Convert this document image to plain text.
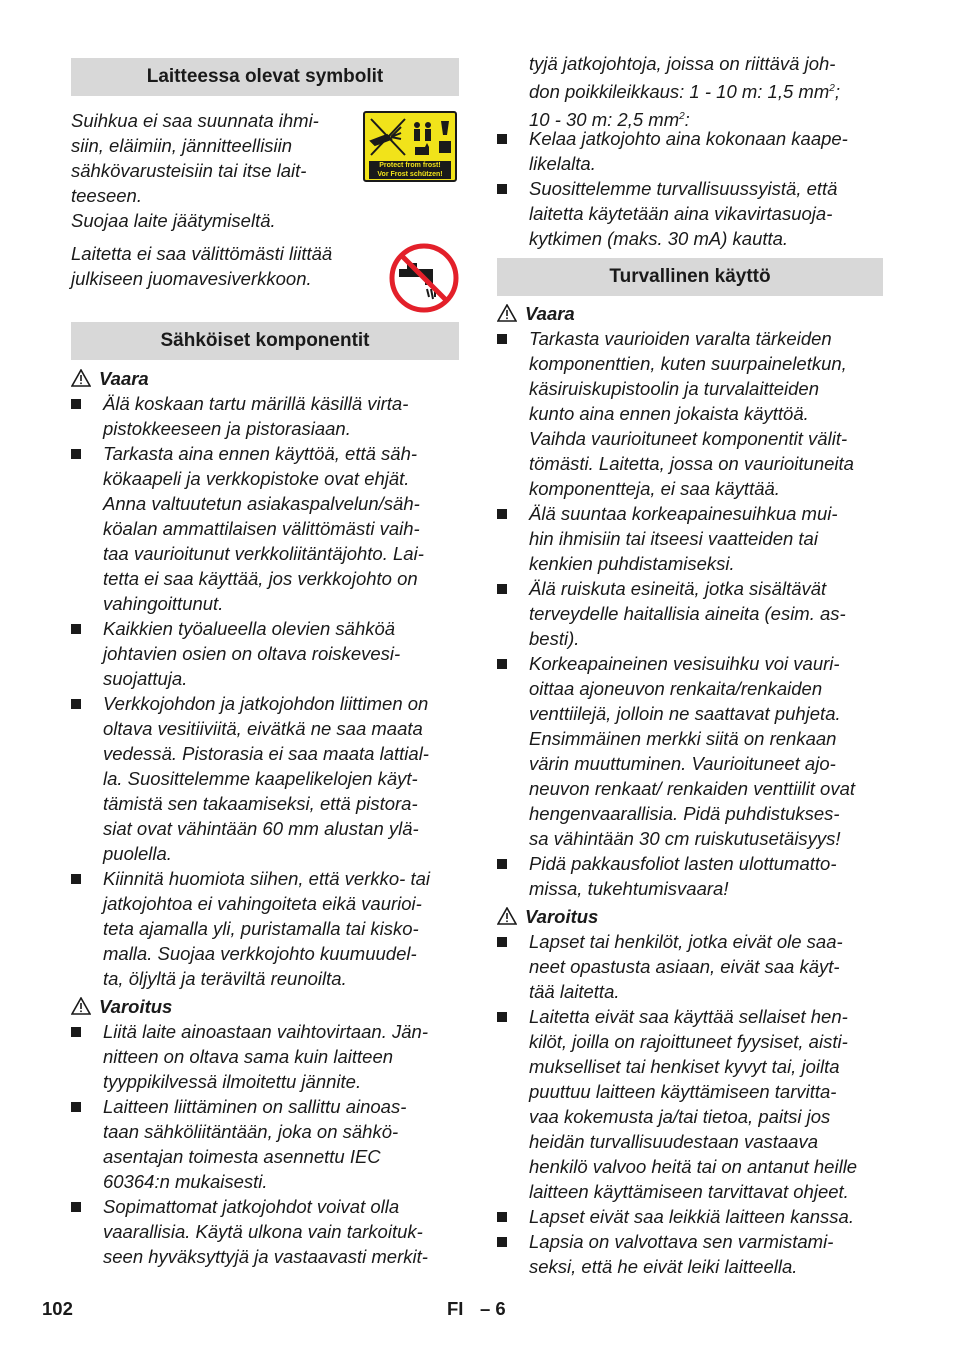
Laitteessa olevat symbolit
Suihkua ei saa suunnata ihmi-
siin, eläimiin, jännitteellisiin
sähkövarusteisiin tai itse lait-
teeseen.
Suojaa laite jäätymiseltä.
Protect from frost!
Vor Frost schützen!
Laitetta ei saa välittömästi liittää
julkiseen juomavesiverkkoon.
Sähköiset komponentit
Vaara
Älä koskaan tartu märillä käsillä virta-
pistokkeeseen ja pistorasiaan.
Tarkasta aina ennen käyttöä, että säh-
kökaapeli ja verkkopistoke ovat ehjät.
Anna valtuutetun asiakaspalvelun/säh-
köalan ammattilaisen välittömästi vaih-
taa vaurioitunut verkkoliitäntäjohto. Lai-
tetta ei saa käyttää, jos verkkojohto on
vahingoittunut.
Kaikkien työalueella olevien sähköä
johtavien osien on oltava roiskevesi-
suojattuja.
Verkkojohdon ja jatkojohdon liittimen on
oltava vesitiiviitä, eivätkä ne saa maata
vedessä. Pistorasia ei saa maata lattial-
la. Suosittelemme kaapelikelojen käyt-
tämistä sen takaamiseksi, että pistora-
siat ovat vähintään 60 mm alustan ylä-
puolella.
Kiinnitä huomiota siihen, että verkko- tai
jatkojohtoa ei vahingoiteta eikä vaurioi-
teta ajamalla yli, puristamalla tai kisko-
malla. Suojaa verkkojohto kuumuudel-
ta, öljyltä ja teräviltä reunoilta.
Varoitus
Liitä laite ainoastaan vaihtovirtaan. Jän-
nitteen on oltava sama kuin laitteen
tyyppikilvessä ilmoitettu jännite.
Laitteen liittäminen on sallittu ainoas-
taan sähköliitäntään, joka on sähkö-
asentajan toimesta asennettu IEC
60364:n mukaisesti.
Sopimattomat jatkojohdot voivat olla
vaarallisia. Käytä ulkona vain tarkoituk-
seen hyväksyttyjä ja vastaavasti merkit-
tyjä jatkojohtoja, joissa on riittävä joh-
don poikkileikkaus: 1 - 10 m: 1,5 $mm^2$;
10 - 30 m: 2,5 $mm^2$:
Kelaa jatkojohto aina kokonaan kaape-
likelalta.
Suosittelemme turvallisuussyistä, että
laitetta käytetään aina vikavirtasuoja-
kytkimen (maks. 30 mA) kautta.
Turvallinen käyttö
Vaara
Tarkasta vaurioiden varalta tärkeiden
komponenttien, kuten suurpaineletkun,
käsiruiskupistoolin ja turvalaitteiden
kunto aina ennen jokaista käyttöä.
Vaihda vaurioituneet komponentit välit-
tömästi. Laitetta, jossa on vaurioituneita
komponentteja, ei saa käyttää.
Älä suuntaa korkeapainesuihkua mui-
hin ihmisiin tai itseesi vaatteiden tai
kenkien puhdistamiseksi.
Älä ruiskuta esineitä, jotka sisältävät
terveydelle haitallisia aineita (esim. as-
besti).
Korkeapaineinen vesisuihku voi vauri-
oittaa ajoneuvon renkaita/renkaiden
venttiilejä, jolloin ne saattavat puhjeta.
Ensimmäinen merkki siitä on renkaan
värin muuttuminen. Vaurioituneet ajo-
neuvon renkaat/ renkaiden venttiilit ovat
hengenvaarallisia. Pidä puhdistukses-
sa vähintään 30 cm ruiskutusetäisyys!
Pidä pakkausfoliot lasten ulottumatto-
missa, tukehtumisvaara!
Varoitus
Lapset tai henkilöt, jotka eivät ole saa-
neet opastusta asiaan, eivät saa käyt-
tää laitetta.
Laitetta eivät saa käyttää sellaiset hen-
kilöt, joilla on rajoittuneet fyysiset, aisti-
mukselliset tai henkiset kyvyt tai, joilta
puuttuu laitteen käyttämiseen tarvitta-
vaa kokemusta ja/tai tietoa, paitsi jos
heidän turvallisuudestaan vastaava
henkilö valvoo heitä tai on antanut heille
laitteen käyttämiseen tarvittavat ohjeet.
Lapset eivät saa leikkiä laitteen kanssa.
Lapsia on valvottava sen varmistami-
seksi, että he eivät leiki laitteella.
102	FI – 6
